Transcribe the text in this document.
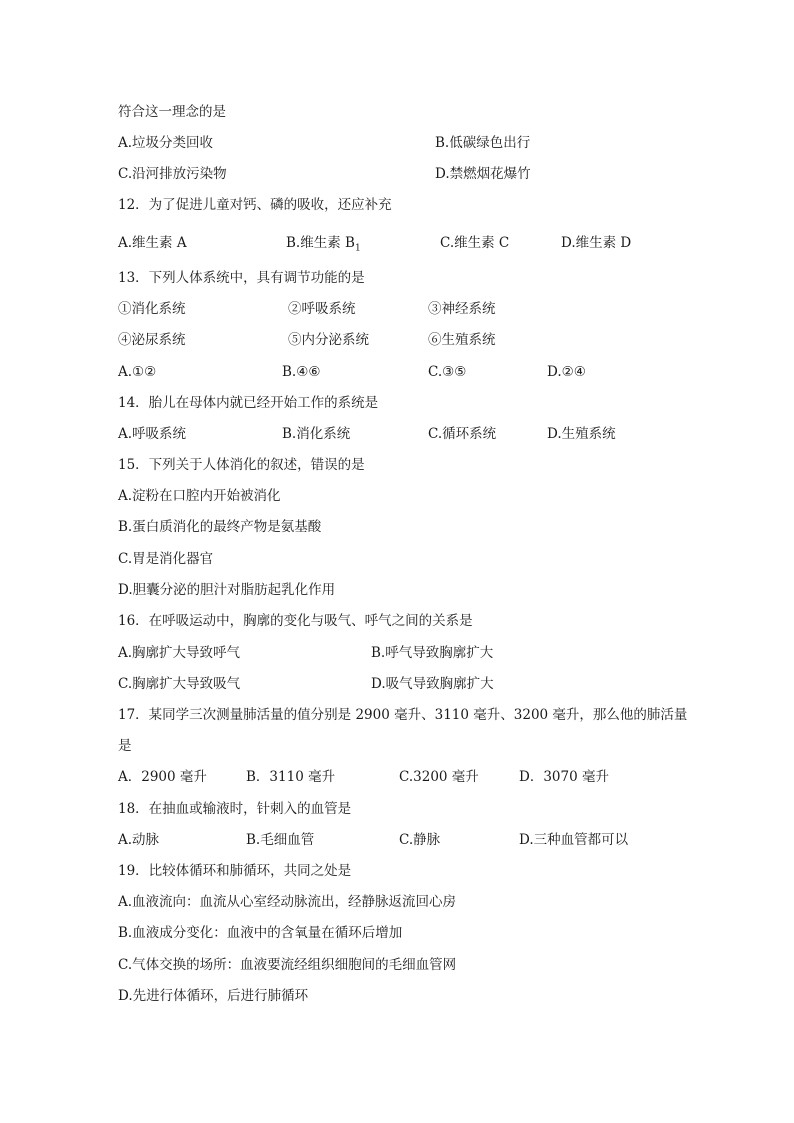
符合这一理念的是
A.垃圾分类回收	B.低碳绿色出行
C.沿河排放污染物	D.禁燃烟花爆竹
12．为了促进儿童对钙、磷的吸收，还应补充
A.维生素 A	B.维生素 $B_1$	C.维生素 C	D.维生素 D
13．下列人体系统中，具有调节功能的是
①消化系统	②呼吸系统	③神经系统
④泌尿系统	⑤内分泌系统	⑥生殖系统
A.①②	B.④⑥	C.③⑤	D.②④
14．胎儿在母体内就已经开始工作的系统是
A.呼吸系统	B.消化系统	C.循环系统	D.生殖系统
15．下列关于人体消化的叙述，错误的是
A.淀粉在口腔内开始被消化
B.蛋白质消化的最终产物是氨基酸
C.胃是消化器官
D.胆囊分泌的胆汁对脂肪起乳化作用
16．在呼吸运动中，胸廓的变化与吸气、呼气之间的关系是
A.胸廓扩大导致呼气	B.呼气导致胸廓扩大
C.胸廓扩大导致吸气	D.吸气导致胸廓扩大
17．某同学三次测量肺活量的值分别是 2900 毫升、3110 毫升、3200 毫升，那么他的肺活量
是
A．2900 毫升	B．3110 毫升	C.3200 毫升	D．3070 毫升
18．在抽血或输液时，针刺入的血管是
A.动脉	B.毛细血管	C.静脉	D.三种血管都可以
19．比较体循环和肺循环，共同之处是
A.血液流向：血流从心室经动脉流出，经静脉返流回心房
B.血液成分变化：血液中的含氧量在循环后增加
C.气体交换的场所：血液要流经组织细胞间的毛细血管网
D.先进行体循环，后进行肺循环
